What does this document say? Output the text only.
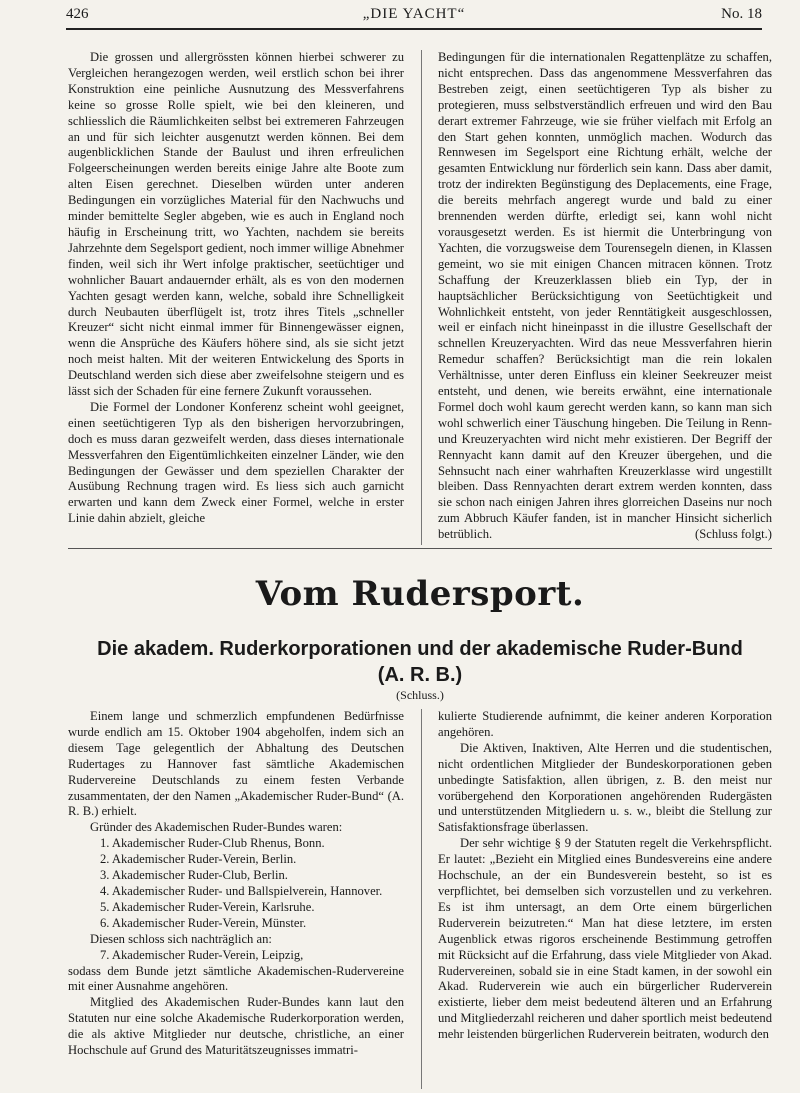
426	„DIE YACHT“	No. 18

Die grossen und allergrössten können hierbei schwerer zu Vergleichen herangezogen werden, weil erstlich schon bei ihrer Konstruktion eine peinliche Ausnutzung des Messverfahrens keine so grosse Rolle spielt, wie bei den kleineren, und schliesslich die Räumlichkeiten selbst bei extremeren Fahrzeugen an und für sich leichter ausgenutzt werden können. Bei dem augenblicklichen Stande der Baulust und ihren erfreulichen Folgeerscheinungen werden bereits einige Jahre alte Boote zum alten Eisen gerechnet. Dieselben würden unter anderen Bedingungen ein vorzügliches Material für den Nachwuchs und minder bemittelte Segler abgeben, wie es auch in England noch häufig in Erscheinung tritt, wo Yachten, nachdem sie bereits Jahrzehnte dem Segelsport gedient, noch immer willige Abnehmer finden, weil sich ihr Wert infolge praktischer, seetüchtiger und wohnlicher Bauart andauernder erhält, als es von den modernen Yachten gesagt werden kann, welche, sobald ihre Schnelligkeit durch Neubauten überflügelt ist, trotz ihres Titels „schneller Kreuzer“ sicht nicht einmal immer für Binnengewässer eignen, wenn die Ansprüche des Käufers höhere sind, als sie sicht jetzt noch meist halten. Mit der weiteren Entwickelung des Sports in Deutschland werden sich diese aber zweifelsohne steigern und es lässt sich der Schaden für eine fernere Zukunft voraussehen.

Die Formel der Londoner Konferenz scheint wohl geeignet, einen seetüchtigeren Typ als den bisherigen hervorzubringen, doch es muss daran gezweifelt werden, dass dieses internationale Messverfahren den Eigentümlichkeiten einzelner Länder, wie den Bedingungen der Gewässer und dem speziellen Charakter der Ausübung Rechnung tragen wird. Es liess sich auch garnicht erwarten und kann dem Zweck einer Formel, welche in erster Linie dahin abzielt, gleiche

Bedingungen für die internationalen Regattenplätze zu schaffen, nicht entsprechen. Dass das angenommene Messverfahren das Bestreben zeigt, einen seetüchtigeren Typ als bisher zu protegieren, muss selbstverständlich erfreuen und wird den Bau derart extremer Fahrzeuge, wie sie früher vielfach mit Erfolg an den Start gehen konnten, unmöglich machen. Wodurch das Rennwesen im Segelsport eine Richtung erhält, welche der gesamten Entwicklung nur förderlich sein kann. Dass aber damit, trotz der indirekten Begünstigung des Deplacements, eine Frage, die bereits mehrfach angeregt wurde und bald zu einer brennenden werden dürfte, erledigt sei, kann wohl nicht vorausgesetzt werden. Es ist hiermit die Unterbringung von Yachten, die vorzugsweise dem Tourensegeln dienen, in Klassen gemeint, wo sie mit einigen Chancen mitracen können. Trotz Schaffung der Kreuzerklassen blieb ein Typ, der in hauptsächlicher Berücksichtigung von Seetüchtigkeit und Wohnlichkeit entsteht, von jeder Renntätigkeit ausgeschlossen, weil er einfach nicht hineinpasst in die illustre Gesellschaft der schnellen Kreuzeryachten. Wird das neue Messverfahren hierin Remedur schaffen? Berücksichtigt man die rein lokalen Verhältnisse, unter deren Einfluss ein kleiner Seekreuzer meist entsteht, und denen, wie bereits erwähnt, eine internationale Formel doch wohl kaum gerecht werden kann, so kann man sich wohl schwerlich einer Täuschung hingeben. Die Teilung in Renn- und Kreuzeryachten wird nicht mehr existieren. Der Begriff der Rennyacht kann damit auf den Kreuzer übergehen, und die Sehnsucht nach einer wahrhaften Kreuzerklasse wird ungestillt bleiben. Dass Rennyachten derart extrem werden konnten, dass sie schon nach einigen Jahren ihres glorreichen Daseins nur noch zum Abbruch Käufer fanden, ist in mancher Hinsicht sicherlich betrüblich.	(Schluss folgt.)

Vom Rudersport.
Die akadem. Ruderkorporationen und der akademische Ruder-Bund
(A. R. B.)
(Schluss.)

Einem lange und schmerzlich empfundenen Bedürfnisse wurde endlich am 15. Oktober 1904 abgeholfen, indem sich an diesem Tage gelegentlich der Abhaltung des Deutschen Rudertages zu Hannover fast sämtliche Akademischen Rudervereine Deutschlands zu einem festen Verbande zusammentaten, der den Namen „Akademischer Ruder-Bund“ (A. R. B.) erhielt.

Gründer des Akademischen Ruder-Bundes waren:

1. Akademischer Ruder-Club Rhenus, Bonn.
2. Akademischer Ruder-Verein, Berlin.
3. Akademischer Ruder-Club, Berlin.
4. Akademischer Ruder- und Ballspielverein, Hannover.
5. Akademischer Ruder-Verein, Karlsruhe.
6. Akademischer Ruder-Verein, Münster.

Diesen schloss sich nachträglich an:

7. Akademischer Ruder-Verein, Leipzig,

sodass dem Bunde jetzt sämtliche Akademischen-Rudervereine mit einer Ausnahme angehören.

Mitglied des Akademischen Ruder-Bundes kann laut den Statuten nur eine solche Akademische Ruderkorporation werden, die als aktive Mitglieder nur deutsche, christliche, an einer Hochschule auf Grund des Maturitätszeugnisses immatri-

kulierte Studierende aufnimmt, die keiner anderen Korporation angehören.

Die Aktiven, Inaktiven, Alte Herren und die studentischen, nicht ordentlichen Mitglieder der Bundeskorporationen geben unbedingte Satisfaktion, allen übrigen, z. B. den meist nur vorübergehend den Korporationen angehörenden Rudergästen und unterstützenden Mitgliedern u. s. w., bleibt die Stellung zur Satisfaktionsfrage überlassen.

Der sehr wichtige § 9 der Statuten regelt die Verkehrspflicht. Er lautet: „Bezieht ein Mitglied eines Bundesvereins eine andere Hochschule, an der ein Bundesverein besteht, so ist es verpflichtet, bei demselben sich vorzustellen und zu verkehren. Es ist ihm untersagt, an dem Orte einem bürgerlichen Ruderverein beizutreten.“ Man hat diese letztere, im ersten Augenblick etwas rigoros erscheinende Bestimmung getroffen mit Rücksicht auf die Erfahrung, dass viele Mitglieder von Akad. Rudervereinen, sobald sie in eine Stadt kamen, in der sowohl ein Akad. Ruderverein wie auch ein bürgerlicher Ruderverein existierte, lieber dem meist bedeutend älteren und an Erfahrung und Mitgliederzahl reicheren und daher sportlich meist bedeutend mehr leistenden bürgerlichen Ruderverein beitraten, wodurch den
